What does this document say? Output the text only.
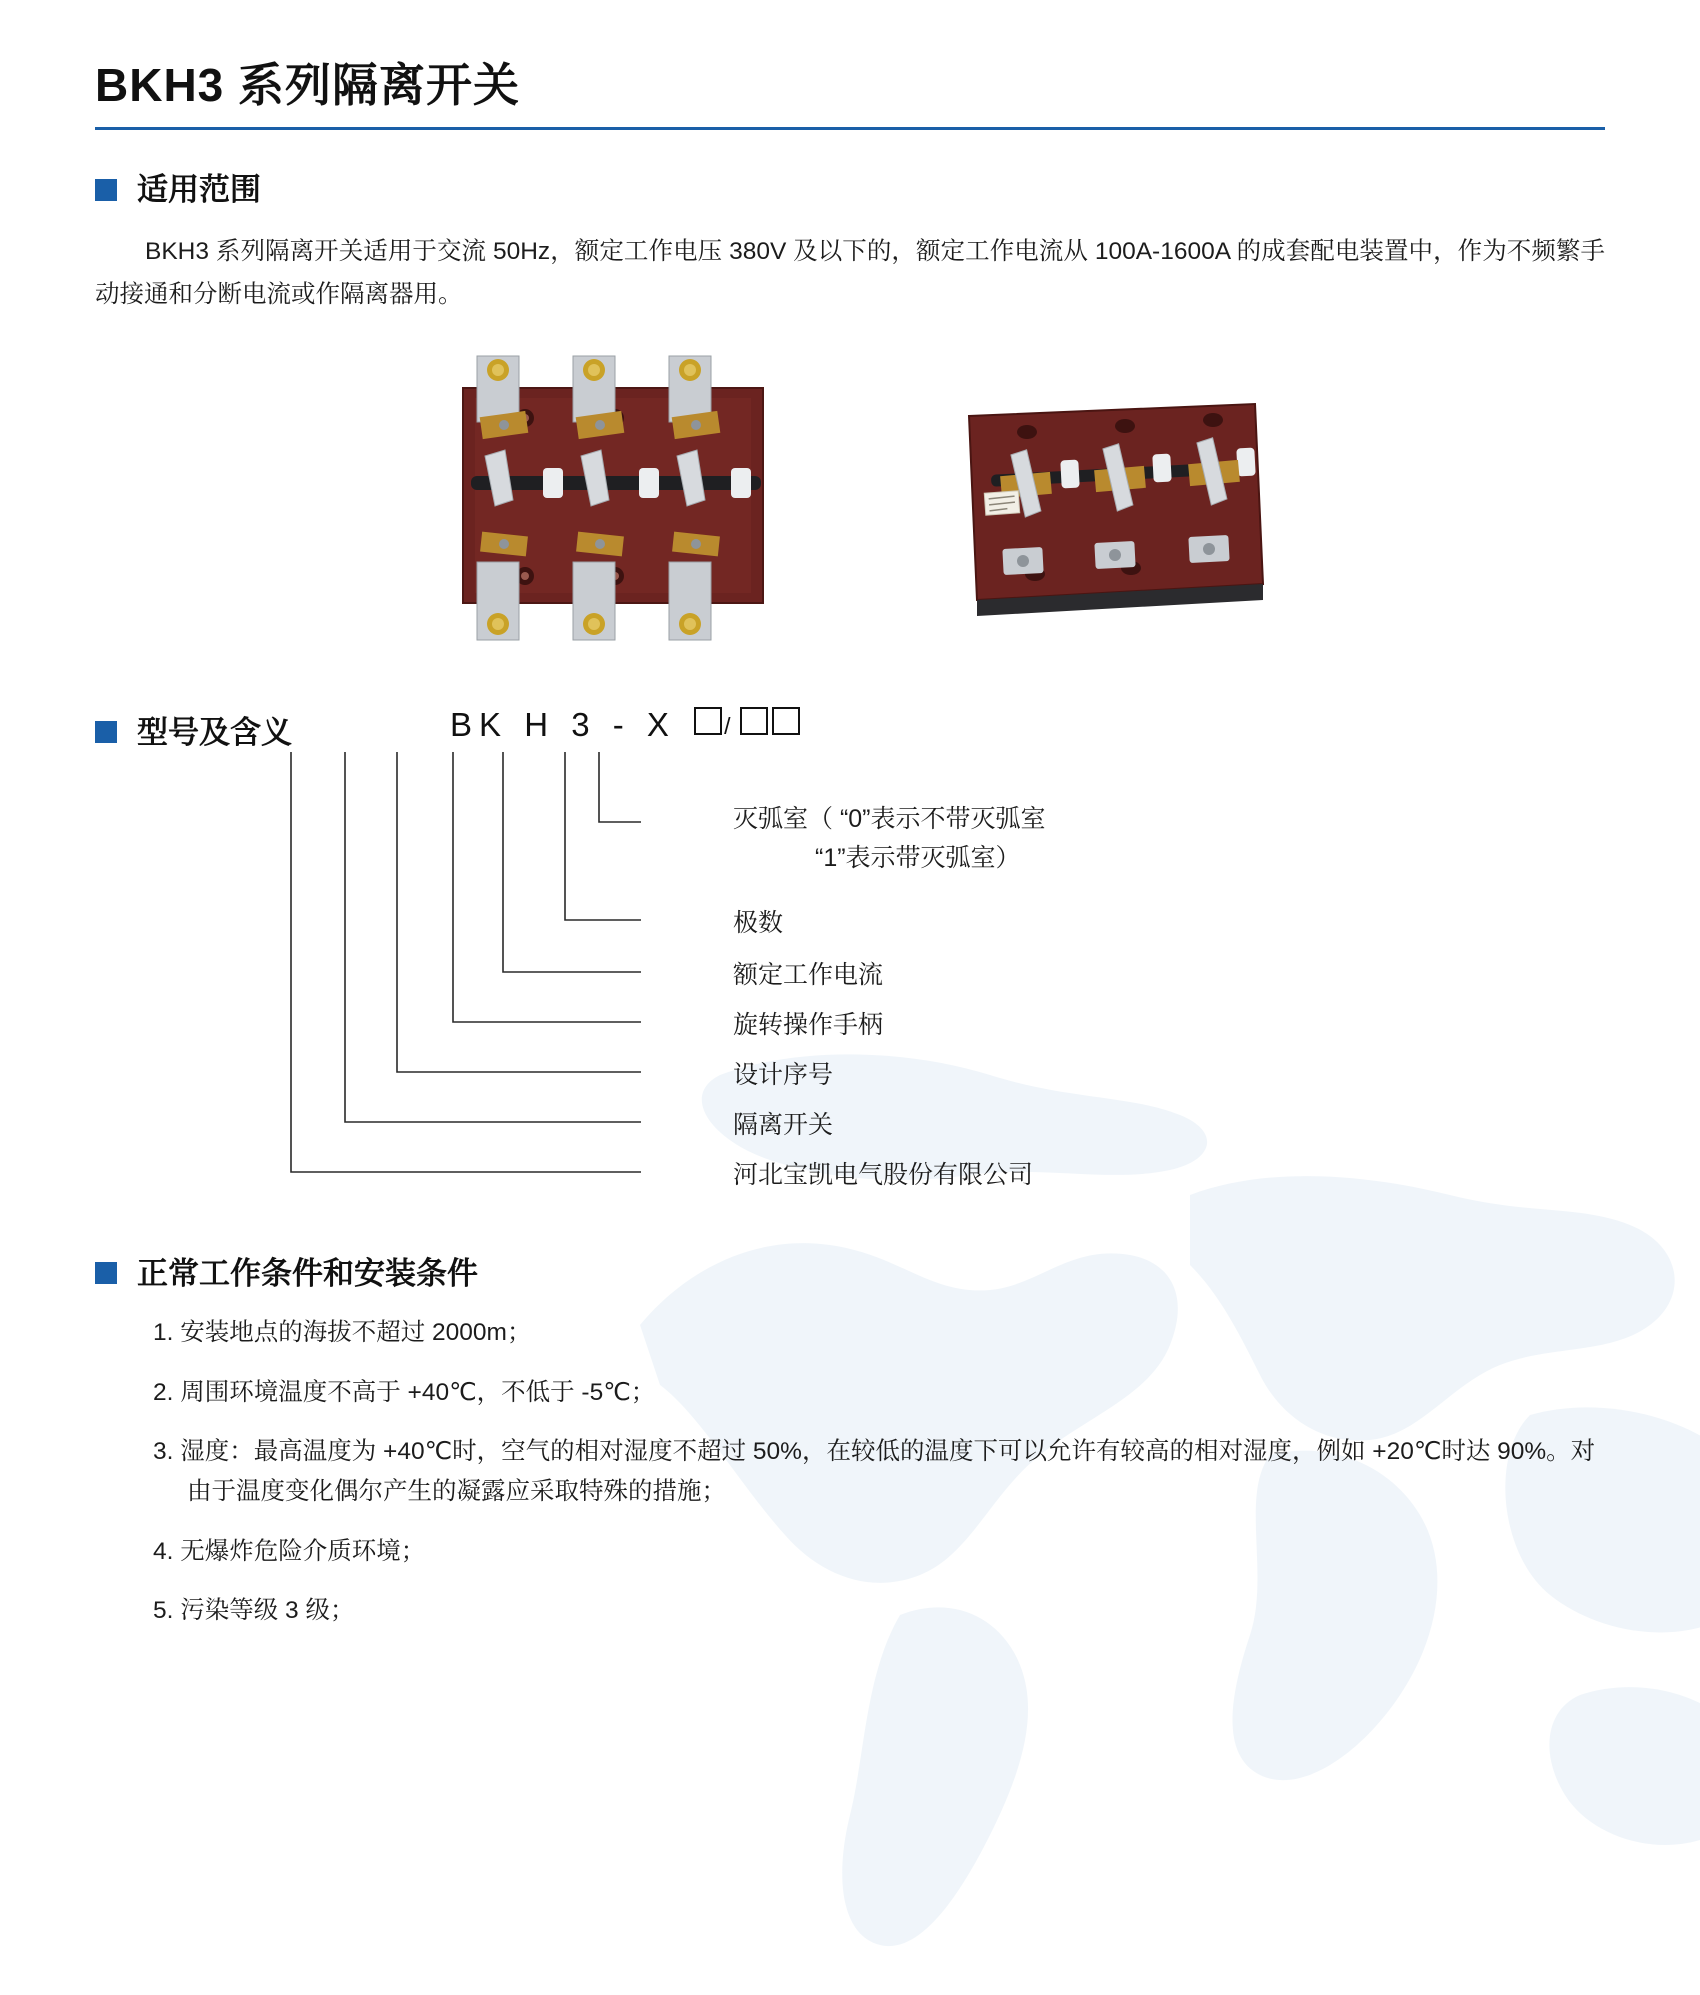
BKH3 系列隔离开关
适用范围

BKH3 系列隔离开关适用于交流 50Hz，额定工作电压 380V 及以下的，额定工作电流从 100A-1600A 的成套配电装置中，作为不频繁手动接通和分断电流或作隔离器用。

型号及含义	BK H 3 - X /
灭弧室（ “0”表示不带灭弧室
“1”表示带灭弧室）
极数
额定工作电流
旋转操作手柄
设计序号
隔离开关
河北宝凯电气股份有限公司
正常工作条件和安装条件
1. 安装地点的海拔不超过 2000m；
2. 周围环境温度不高于 +40℃，不低于 -5℃；
3. 湿度：最高温度为 +40℃时，空气的相对湿度不超过 50%，在较低的温度下可以允许有较高的相对湿度，例如 +20℃时达 90%。对由于温度变化偶尔产生的凝露应采取特殊的措施；
4. 无爆炸危险介质环境；
5. 污染等级 3 级；
